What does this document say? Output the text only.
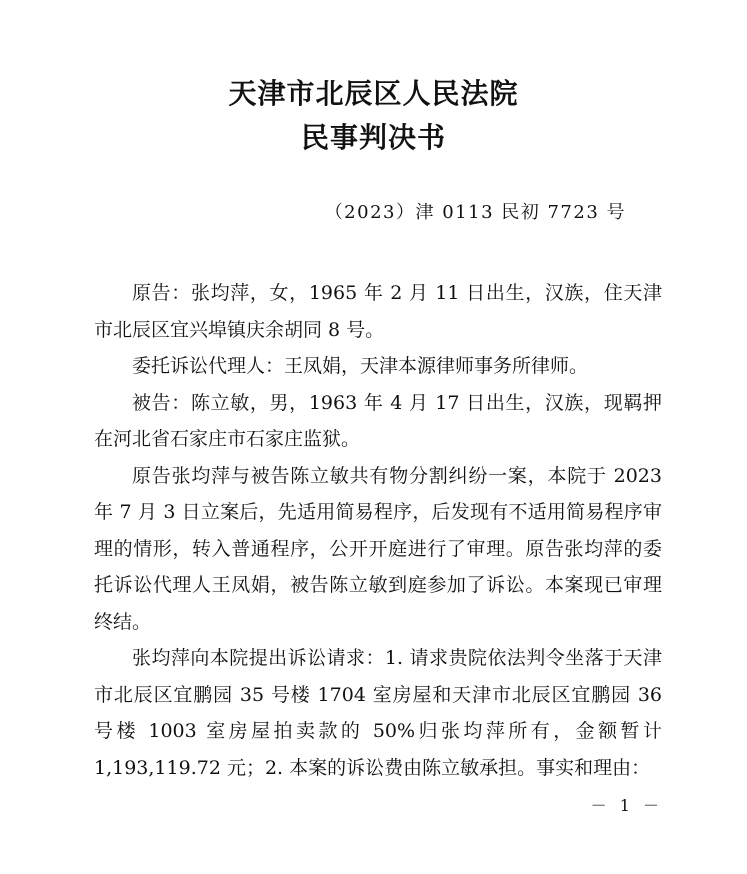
天津市北辰区人民法院
民事判决书
（2023）津 0113 民初 7723 号

原告：张均萍，女，1965 年 2 月 11 日出生，汉族，住天津市北辰区宜兴埠镇庆余胡同 8 号。

委托诉讼代理人：王凤娟，天津本源律师事务所律师。

被告：陈立敏，男，1963 年 4 月 17 日出生，汉族，现羁押在河北省石家庄市石家庄监狱。

原告张均萍与被告陈立敏共有物分割纠纷一案，本院于 2023 年 7 月 3 日立案后，先适用简易程序，后发现有不适用简易程序审理的情形，转入普通程序，公开开庭进行了审理。原告张均萍的委托诉讼代理人王凤娟，被告陈立敏到庭参加了诉讼。本案现已审理终结。

张均萍向本院提出诉讼请求：1. 请求贵院依法判令坐落于天津市北辰区宜鹏园 35 号楼 1704 室房屋和天津市北辰区宜鹏园 36 号楼 1003 室房屋拍卖款的 50%归张均萍所有，金额暂计 1,193,119.72 元；2. 本案的诉讼费由陈立敏承担。事实和理由：

－ 1 －
